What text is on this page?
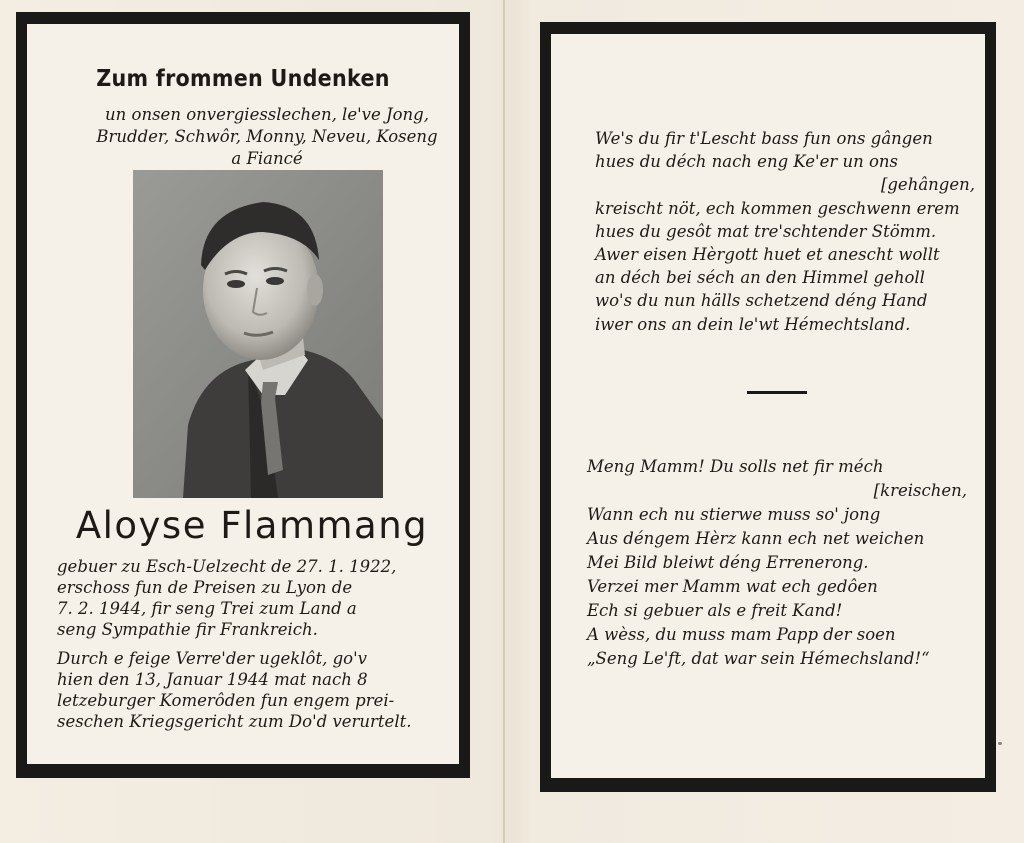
Zum frommen Undenken
un onsen onvergiesslechen, le've Jong,
Brudder, Schwôr, Monny, Neveu, Koseng
a Fiancé
Aloyse Flammang

gebuer zu Esch-Uelzecht de 27. 1. 1922,
erschoss fun de Preisen zu Lyon de
7. 2. 1944, fir seng Trei zum Land a
seng Sympathie fir Frankreich.

Durch e feige Verre'der ugeklôt, go'v
hien den 13, Januar 1944 mat nach 8
letzeburger Komerôden fun engem prei-
seschen Kriegsgericht zum Do'd verurtelt.

We's du fir t'Lescht bass fun ons gângen
hues du déch nach eng Ke'er un ons
[gehângen,
kreischt nöt, ech kommen geschwenn erem
hues du gesôt mat tre'schtender Stömm.
Awer eisen Hèrgott huet et anescht wollt
an déch bei séch an den Himmel geholl
wo's du nun hälls schetzend déng Hand
iwer ons an dein le'wt Hémechtsland.
Meng Mamm! Du solls net fir méch
[kreischen,
Wann ech nu stierwe muss so' jong
Aus déngem Hèrz kann ech net weichen
Mei Bild bleiwt déng Errenerong.
Verzei mer Mamm wat ech gedôen
Ech si gebuer als e freit Kand!
A wèss, du muss mam Papp der soen
„Seng Le'ft, dat war sein Hémechsland!“
